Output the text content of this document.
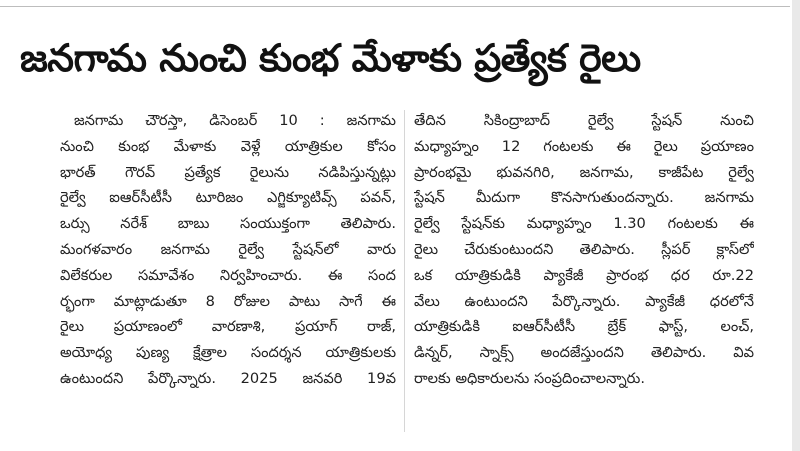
జనగామ నుంచి కుంభ మేళాకు ప్రత్యేక రైలు
జనగామ చౌరస్తా, డిసెంబర్ 10 : జనగామ
నుంచి కుంభ మేళాకు వెళ్లే యాత్రికుల కోసం
భారత్ గౌరవ్ ప్రత్యేక రైలును నడిపిస్తున్నట్లు
రైల్వే ఐఆర్‌సీటీసీ టూరిజం ఎగ్జిక్యూటివ్స్ పవన్,
ఒర్సు నరేశ్ బాబు సంయుక్తంగా తెలిపారు.
మంగళవారం జనగామ రైల్వే స్టేషన్‌లో వారు
విలేకరుల సమావేశం నిర్వహించారు. ఈ సంద
ర్భంగా మాట్లాడుతూ 8 రోజుల పాటు సాగే ఈ
రైలు ప్రయాణంలో వారణాశి, ప్రయాగ్ రాజ్,
అయోధ్య పుణ్య క్షేత్రాల సందర్శన యాత్రికులకు
ఉంటుందని పేర్కొన్నారు. 2025 జనవరి 19వ
తేదిన సికింద్రాబాద్ రైల్వే స్టేషన్ నుంచి
మధ్యాహ్నం 12 గంటలకు ఈ రైలు ప్రయాణం
ప్రారంభమై భువనగిరి, జనగామ, కాజీపేట రైల్వే
స్టేషన్ మీదుగా కొనసాగుతుందన్నారు. జనగామ
రైల్వే స్టేషన్‌కు మధ్యాహ్నం 1.30 గంటలకు ఈ
రైలు చేరుకుంటుందని తెలిపారు. స్లీపర్ క్లాస్‌లో
ఒక యాత్రికుడికి ప్యాకేజీ ప్రారంభ ధర రూ.22
వేలు ఉంటుందని పేర్కొన్నారు. ప్యాకేజీ ధరలోనే
యాత్రికుడికి ఐఆర్‌సీటీసీ బ్రేక్ ఫాస్ట్, లంచ్,
డిన్నర్, స్నాక్స్ అందజేస్తుందని తెలిపారు. వివ
రాలకు అధికారులను సంప్రదించాలన్నారు.
